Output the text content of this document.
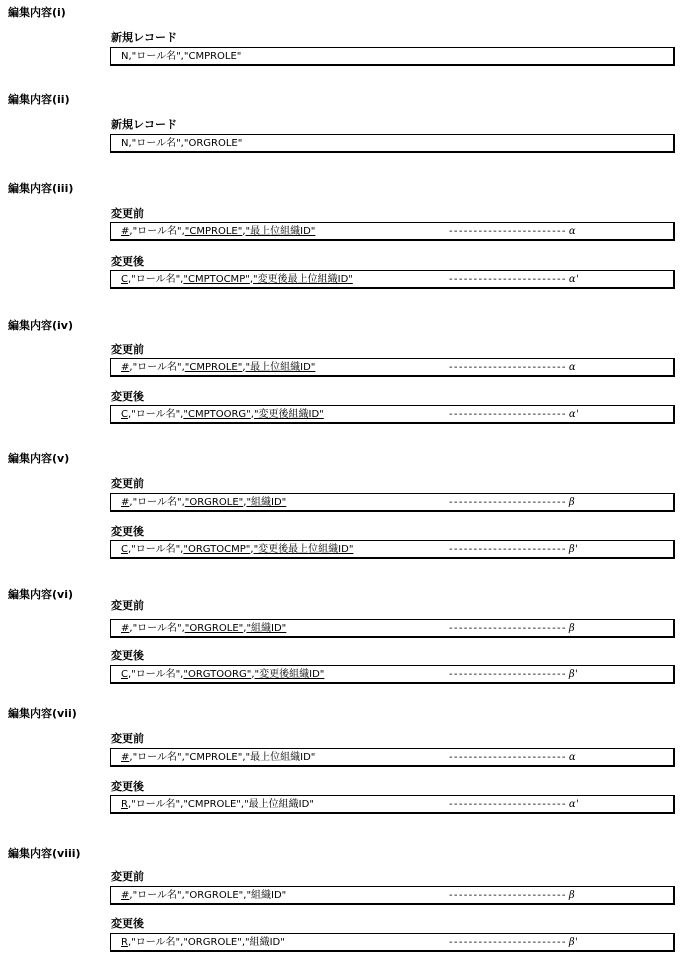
編集内容(i)
新規レコード
N,"ロール名","CMPROLE"
編集内容(ii)
新規レコード
N,"ロール名","ORGROLE"
編集内容(iii)
変更前
#,"ロール名","CMPROLE","最上位組織ID"	------------------------ α
変更後
C,"ロール名","CMPTOCMP","変更後最上位組織ID"	------------------------ α'
編集内容(iv)
変更前
#,"ロール名","CMPROLE","最上位組織ID"	------------------------ α
変更後
C,"ロール名","CMPTOORG","変更後組織ID"	------------------------ α'
編集内容(v)
変更前
#,"ロール名","ORGROLE","組織ID"	------------------------ β
変更後
C,"ロール名","ORGTOCMP","変更後最上位組織ID"	------------------------ β'
編集内容(vi)
変更前
#,"ロール名","ORGROLE","組織ID"	------------------------ β
変更後
C,"ロール名","ORGTOORG","変更後組織ID"	------------------------ β'
編集内容(vii)
変更前
#,"ロール名","CMPROLE","最上位組織ID"	------------------------ α
変更後
R,"ロール名","CMPROLE","最上位組織ID"	------------------------ α'
編集内容(viii)
変更前
#,"ロール名","ORGROLE","組織ID"	------------------------ β
変更後
R,"ロール名","ORGROLE","組織ID"	------------------------ β'
